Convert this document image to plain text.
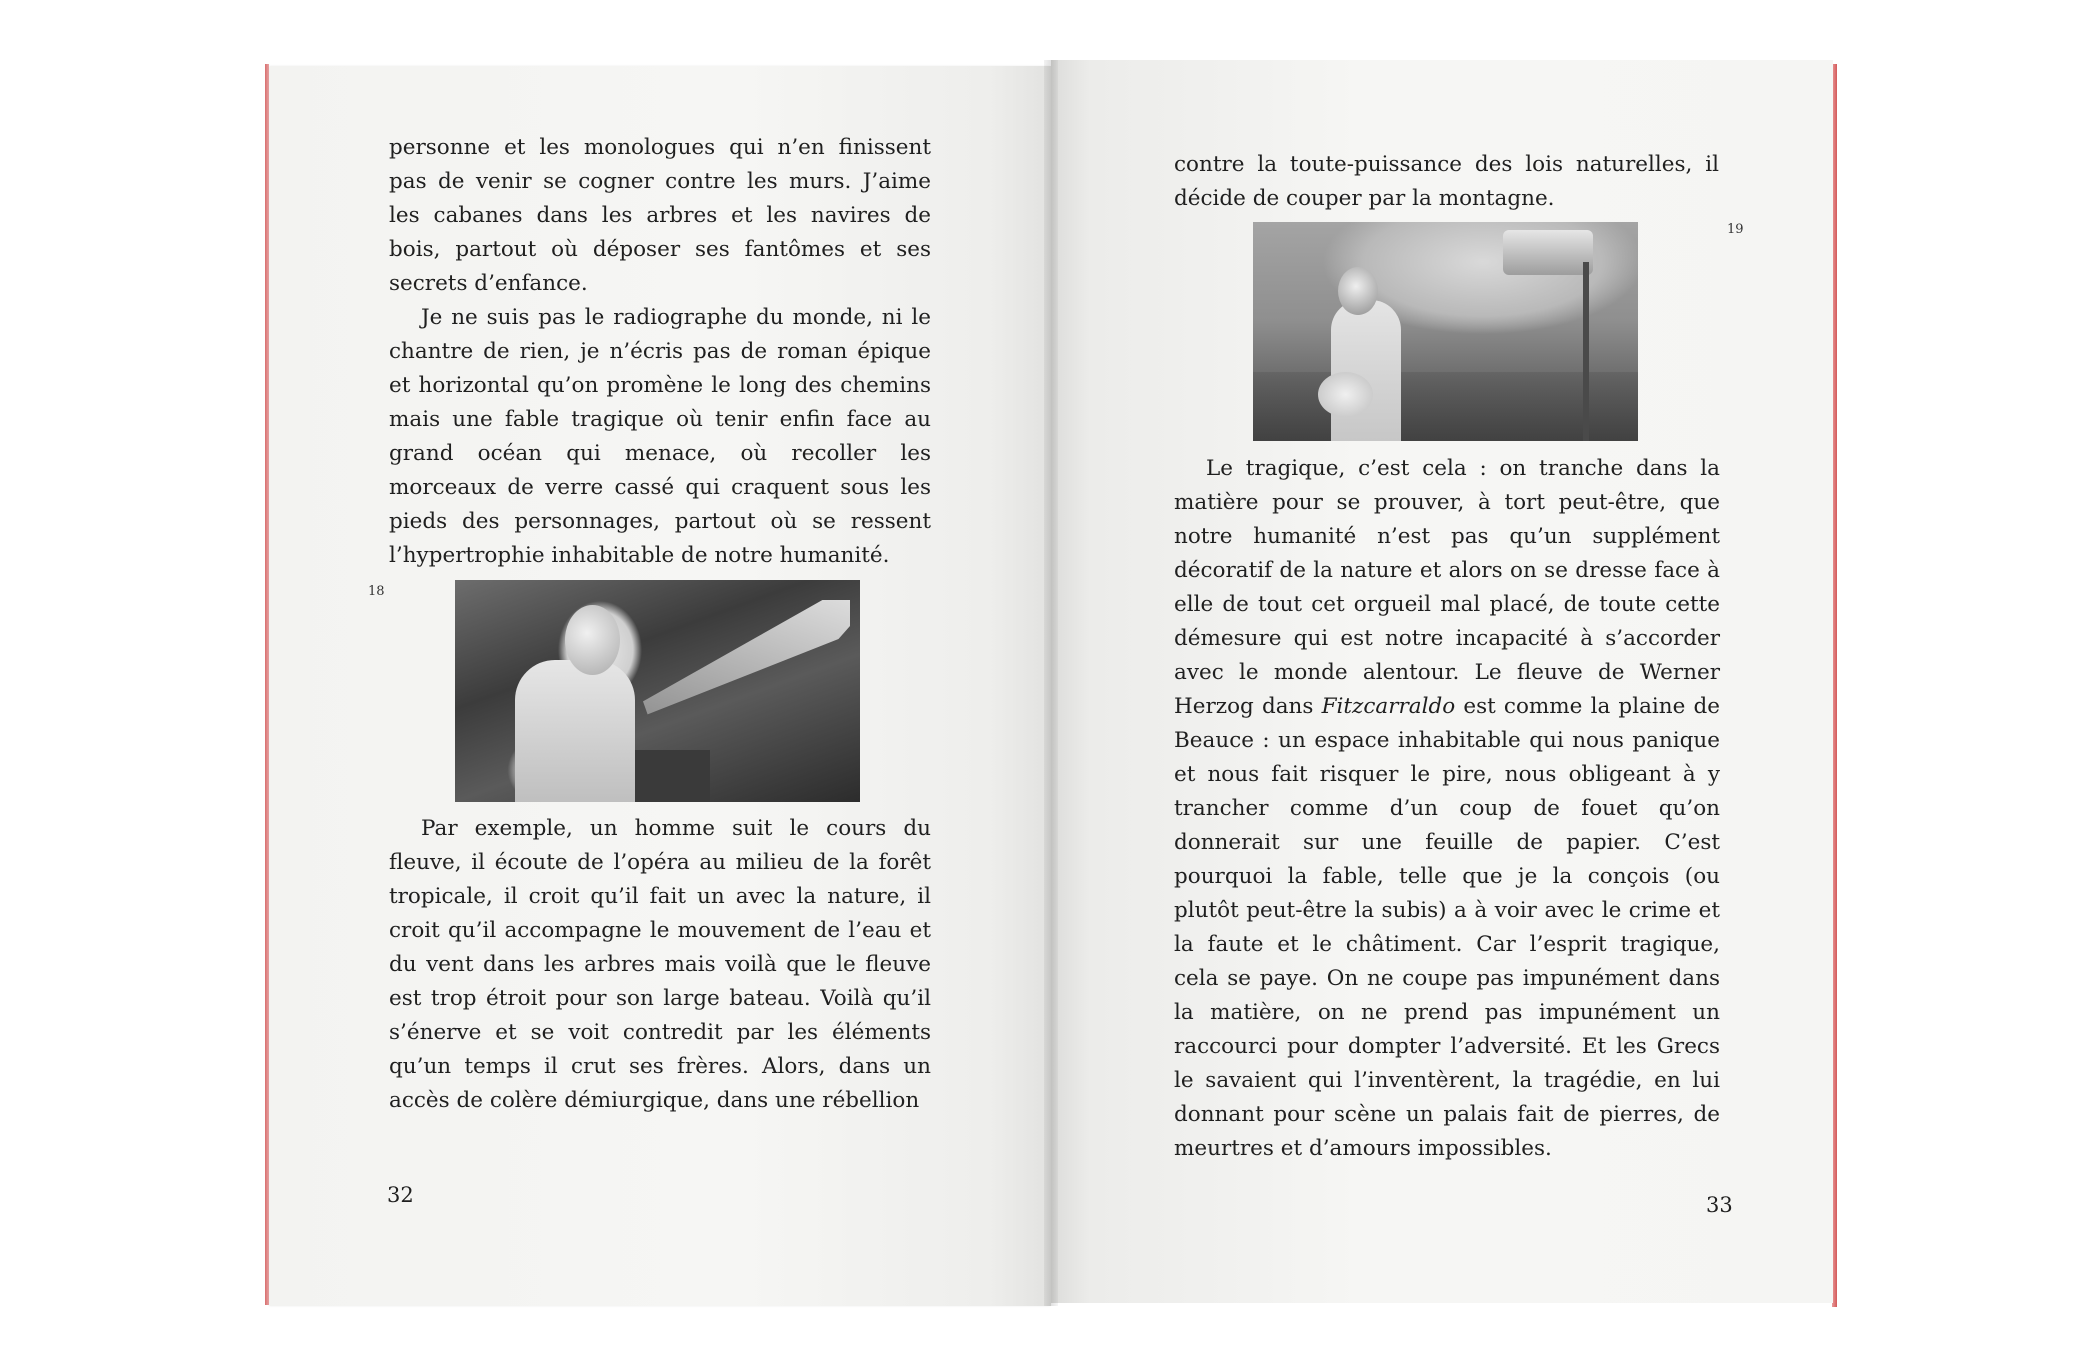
personne et les monologues qui n’en finissent pas de venir se cogner contre les murs. J’aime les cabanes dans les arbres et les navires de bois, partout où déposer ses fantômes et ses secrets d’enfance.

Je ne suis pas le radiographe du monde, ni le chantre de rien, je n’écris pas de roman épique et horizontal qu’on promène le long des chemins mais une fable tragique où tenir enfin face au grand océan qui menace, où recoller les morceaux de verre cassé qui craquent sous les pieds des personnages, partout où se ressent l’hypertrophie inhabitable de notre humanité.

18

Par exemple, un homme suit le cours du fleuve, il écoute de l’opéra au milieu de la forêt tropicale, il croit qu’il fait un avec la nature, il croit qu’il accompagne le mouvement de l’eau et du vent dans les arbres mais voilà que le fleuve est trop étroit pour son large bateau. Voilà qu’il s’énerve et se voit contredit par les éléments qu’un temps il crut ses frères. Alors, dans un accès de colère démiurgique, dans une rébellion

32

contre la toute-puissance des lois naturelles, il décide de couper par la montagne.

19

Le tragique, c’est cela : on tranche dans la matière pour se prouver, à tort peut-être, que notre humanité n’est pas qu’un supplément décoratif de la nature et alors on se dresse face à elle de tout cet orgueil mal placé, de toute cette démesure qui est notre incapacité à s’accorder avec le monde alentour. Le fleuve de Werner Herzog dans Fitzcarraldo est comme la plaine de Beauce : un espace inhabitable qui nous panique et nous fait risquer le pire, nous obligeant à y trancher comme d’un coup de fouet qu’on donnerait sur une feuille de papier. C’est pourquoi la fable, telle que je la conçois (ou plutôt peut-être la subis) a à voir avec le crime et la faute et le châtiment. Car l’esprit tragique, cela se paye. On ne coupe pas impunément dans la matière, on ne prend pas impunément un raccourci pour dompter l’adversité. Et les Grecs le savaient qui l’inventèrent, la tragédie, en lui donnant pour scène un palais fait de pierres, de meurtres et d’amours impossibles.

33
